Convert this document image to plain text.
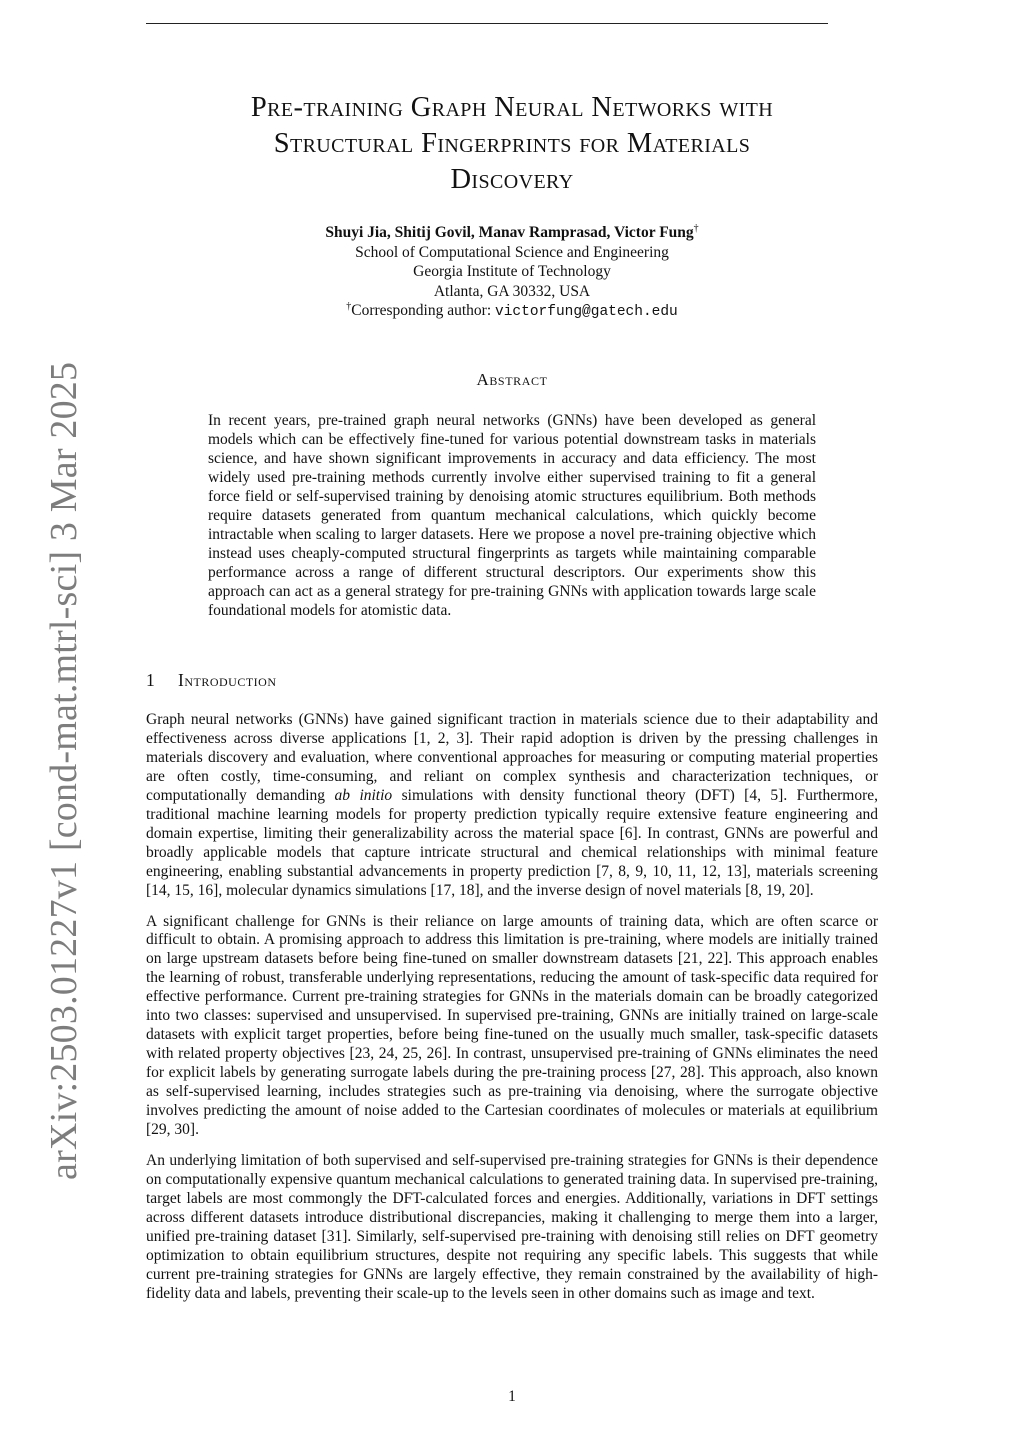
arXiv:2503.01227v1 [cond-mat.mtrl-sci] 3 Mar 2025
Pre-training Graph Neural Networks with
Structural Fingerprints for Materials
Discovery
Shuyi Jia, Shitij Govil, Manav Ramprasad, Victor Fung†
School of Computational Science and Engineering
Georgia Institute of Technology
Atlanta, GA 30332, USA
†Corresponding author: victorfung@gatech.edu
Abstract

In recent years, pre-trained graph neural networks (GNNs) have been developed as general models which can be effectively fine-tuned for various potential downstream tasks in materials science, and have shown significant improvements in accuracy and data efficiency. The most widely used pre-training methods currently involve either supervised training to fit a general force field or self-supervised training by denoising atomic structures equilibrium. Both methods require datasets generated from quantum mechanical calculations, which quickly become intractable when scaling to larger datasets. Here we propose a novel pre-training objective which instead uses cheaply-computed structural fingerprints as targets while maintaining comparable performance across a range of different structural descriptors. Our experiments show this approach can act as a general strategy for pre-training GNNs with application towards large scale foundational models for atomistic data.

1 Introduction

Graph neural networks (GNNs) have gained significant traction in materials science due to their adaptability and effectiveness across diverse applications [1, 2, 3]. Their rapid adoption is driven by the pressing challenges in materials discovery and evaluation, where conventional approaches for measuring or computing material properties are often costly, time-consuming, and reliant on complex synthesis and characterization techniques, or computationally demanding ab initio simulations with density functional theory (DFT) [4, 5]. Furthermore, traditional machine learning models for property prediction typically require extensive feature engineering and domain expertise, limiting their generalizability across the material space [6]. In contrast, GNNs are powerful and broadly applicable models that capture intricate structural and chemical relationships with minimal feature engineering, enabling substantial advancements in property prediction [7, 8, 9, 10, 11, 12, 13], materials screening [14, 15, 16], molecular dynamics simulations [17, 18], and the inverse design of novel materials [8, 19, 20].

A significant challenge for GNNs is their reliance on large amounts of training data, which are often scarce or difficult to obtain. A promising approach to address this limitation is pre-training, where models are initially trained on large upstream datasets before being fine-tuned on smaller downstream datasets [21, 22]. This approach enables the learning of robust, transferable underlying representations, reducing the amount of task-specific data required for effective performance. Current pre-training strategies for GNNs in the materials domain can be broadly categorized into two classes: supervised and unsupervised. In supervised pre-training, GNNs are initially trained on large-scale datasets with explicit target properties, before being fine-tuned on the usually much smaller, task-specific datasets with related property objectives [23, 24, 25, 26]. In contrast, unsupervised pre-training of GNNs eliminates the need for explicit labels by generating surrogate labels during the pre-training process [27, 28]. This approach, also known as self-supervised learning, includes strategies such as pre-training via denoising, where the surrogate objective involves predicting the amount of noise added to the Cartesian coordinates of molecules or materials at equilibrium [29, 30].

An underlying limitation of both supervised and self-supervised pre-training strategies for GNNs is their dependence on computationally expensive quantum mechanical calculations to generated training data. In supervised pre-training, target labels are most commongly the DFT-calculated forces and energies. Additionally, variations in DFT settings across different datasets introduce distributional discrepancies, making it challenging to merge them into a larger, unified pre-training dataset [31]. Similarly, self-supervised pre-training with denoising still relies on DFT geometry optimization to obtain equilibrium structures, despite not requiring any specific labels. This suggests that while current pre-training strategies for GNNs are largely effective, they remain constrained by the availability of high-fidelity data and labels, preventing their scale-up to the levels seen in other domains such as image and text.

1
